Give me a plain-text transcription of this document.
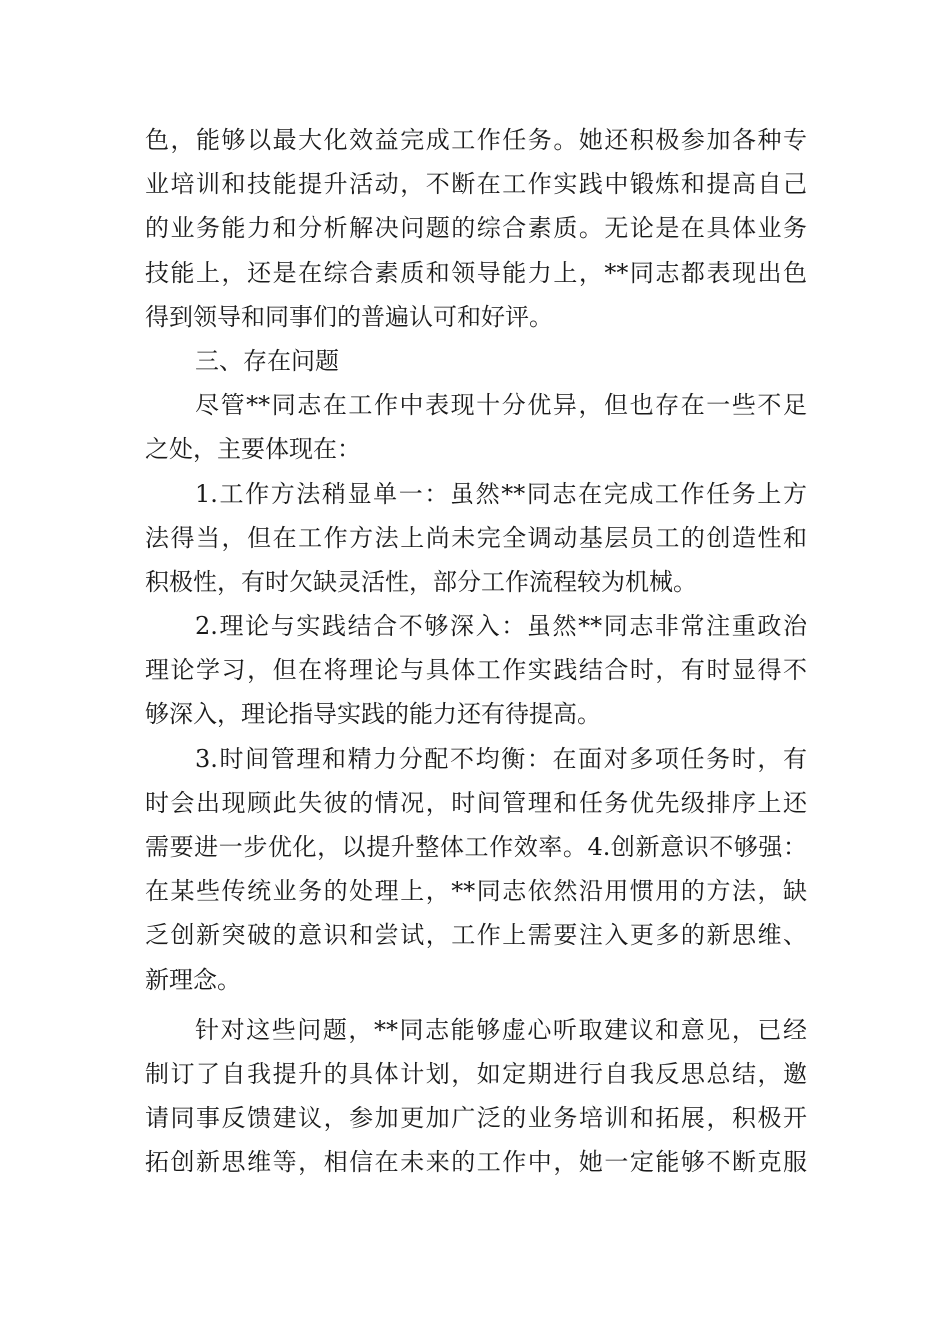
色，能够以最大化效益完成工作任务。她还积极参加各种专
业培训和技能提升活动，不断在工作实践中锻炼和提高自己
的业务能力和分析解决问题的综合素质。无论是在具体业务
技能上，还是在综合素质和领导能力上，**同志都表现出色
得到领导和同事们的普遍认可和好评。
三、存在问题
尽管**同志在工作中表现十分优异，但也存在一些不足
之处，主要体现在：
1.工作方法稍显单一：虽然**同志在完成工作任务上方
法得当，但在工作方法上尚未完全调动基层员工的创造性和
积极性，有时欠缺灵活性，部分工作流程较为机械。
2.理论与实践结合不够深入：虽然**同志非常注重政治
理论学习，但在将理论与具体工作实践结合时，有时显得不
够深入，理论指导实践的能力还有待提高。
3.时间管理和精力分配不均衡：在面对多项任务时，有
时会出现顾此失彼的情况，时间管理和任务优先级排序上还
需要进一步优化，以提升整体工作效率。4.创新意识不够强：
在某些传统业务的处理上，**同志依然沿用惯用的方法，缺
乏创新突破的意识和尝试，工作上需要注入更多的新思维、
新理念。
针对这些问题，**同志能够虚心听取建议和意见，已经
制订了自我提升的具体计划，如定期进行自我反思总结，邀
请同事反馈建议，参加更加广泛的业务培训和拓展，积极开
拓创新思维等，相信在未来的工作中，她一定能够不断克服
